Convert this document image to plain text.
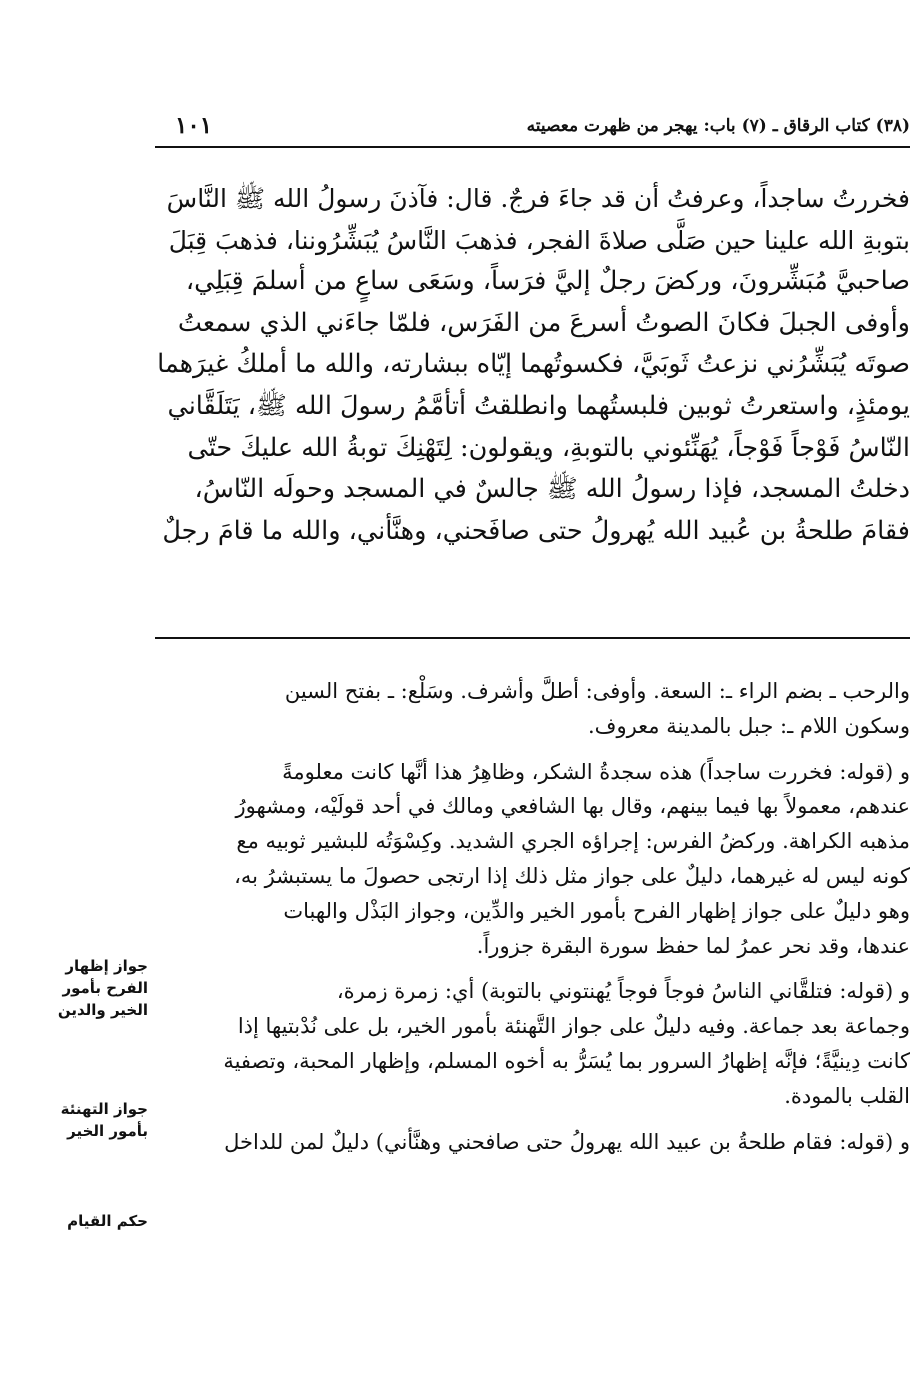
(٣٨) كتاب الرقاق ـ (٧) باب: يهجر من ظهرت معصيته
١٠١
فخررتُ ساجداً، وعرفتُ أن قد جاءَ فرجٌ. قال: فآذنَ رسولُ الله ﷺ النَّاسَ
بتوبةِ الله علينا حين صَلَّى صلاةَ الفجر، فذهبَ النَّاسُ يُبَشِّرُوننا، فذهبَ قِبَلَ
صاحبيَّ مُبَشِّرونَ، وركضَ رجلٌ إليَّ فرَساً، وسَعَى ساعٍ من أسلمَ قِبَلِي،
وأوفى الجبلَ فكانَ الصوتُ أسرعَ من الفَرَس، فلمّا جاءَني الذي سمعتُ
صوتَه يُبَشِّرُني نزعتُ ثَوبَيَّ، فكسوتُهما إيّاه ببشارته، والله ما أملكُ غيرَهما
يومئذٍ، واستعرتُ ثوبين فلبستُهما وانطلقتُ أتأمَّمُ رسولَ الله ﷺ، يَتَلَقَّاني
النّاسُ فَوْجاً فَوْجاً، يُهَنِّئوني بالتوبةِ، ويقولون: لِتَهْنِكَ توبةُ الله عليكَ حتّى
دخلتُ المسجد، فإذا رسولُ الله ﷺ جالسٌ في المسجد وحولَه النّاسُ،
فقامَ طلحةُ بن عُبيد الله يُهرولُ حتى صافَحني، وهنَّأني، والله ما قامَ رجلٌ

والرحب ـ بضم الراء ـ: السعة. وأوفى: أطلَّ وأشرف. وسَلْع: ـ بفتح السين
وسكون اللام ـ: جبل بالمدينة معروف.

و (قوله: فخررت ساجداً) هذه سجدةُ الشكر، وظاهِرُ هذا أنَّها كانت معلومةً
عندهم، معمولاً بها فيما بينهم، وقال بها الشافعي ومالك في أحد قولَيْه، ومشهورُ
مذهبه الكراهة. وركضُ الفرس: إجراؤه الجري الشديد. وكِسْوَتُه للبشير ثوبيه مع
كونه ليس له غيرهما، دليلٌ على جواز مثل ذلك إذا ارتجى حصولَ ما يستبشرُ به،
وهو دليلٌ على جواز إظهار الفرح بأمور الخير والدِّين، وجواز البَذْل والهبات
عندها، وقد نحر عمرُ لما حفظ سورة البقرة جزوراً.

و (قوله: فتلقَّاني الناسُ فوجاً فوجاً يُهنتوني بالتوبة) أي: زمرة زمرة،
وجماعة بعد جماعة. وفيه دليلٌ على جواز التَّهنئة بأمور الخير، بل على نُدْبتيها إذا
كانت دِينيَّةً؛ فإنَّه إظهارُ السرور بما يُسَرُّ به أخوه المسلم، وإظهار المحبة، وتصفية
القلب بالمودة.

و (قوله: فقام طلحةُ بن عبيد الله يهرولُ حتى صافحني وهنَّأني) دليلٌ لمن للداخل

جواز إظهار
الفرح بأمور
الخير والدين
جواز التهنئة
بأمور الخير
حكم القيام
